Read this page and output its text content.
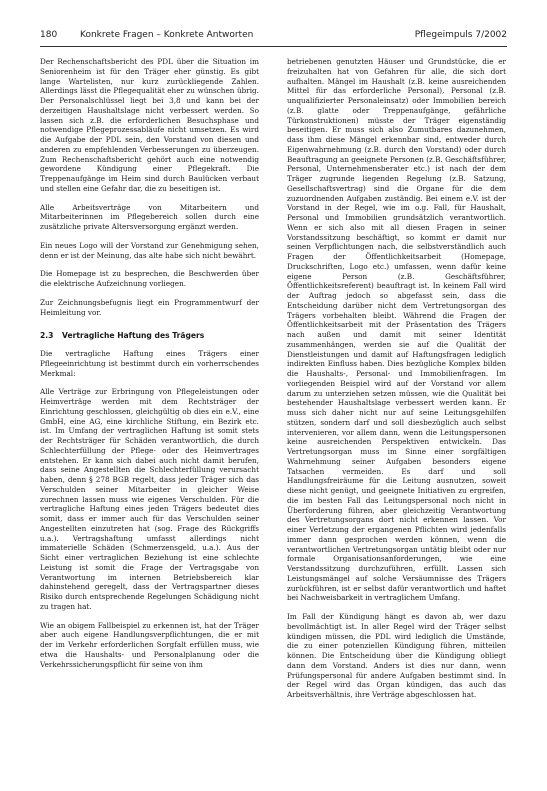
180	Konkrete Fragen – Konkrete Antworten	Pflegeimpuls 7/2002

Der Rechenschaftsbericht des PDL über die Situation im Seniorenheim ist für den Träger eher günstig. Es gibt lange Wartelisten, nur kurz zurückliegende Zahlen. Allerdings lässt die Pflegequalität eher zu wünschen übrig. Der Personalschlüssel liegt bei 3,8 und kann bei der derzeitigen Haushaltslage nicht verbessert werden. So lassen sich z.B. die erforderlichen Besuchsphase und notwendige Pflegeprozessabläufe nicht umsetzen. Es wird die Aufgabe der PDL sein, den Vorstand von diesen und anderen zu empfehlenden Verbesserungen zu überzeugen. Zum Rechenschaftsbericht gehört auch eine notwendig gewordene Kündigung einer Pflegekraft. Die Treppenaufgänge im Heim sind durch Baulücken verbaut und stellen eine Gefahr dar, die zu beseitigen ist.

Alle Arbeitsverträge von Mitarbeitern und Mitarbeiterinnen im Pflegebereich sollen durch eine zusätzliche private Altersversorgung ergänzt werden.

Ein neues Logo will der Vorstand zur Genehmigung sehen, denn er ist der Meinung, das alte habe sich nicht bewährt.

Die Homepage ist zu besprechen, die Beschwerden über die elektrische Aufzeichnung vorliegen.

Zur Zeichnungsbefugnis liegt ein Programmentwurf der Heimleitung vor.

2.3 Vertragliche Haftung des Trägers

Die vertragliche Haftung eines Trägers einer Pflegeeinrichtung ist bestimmt durch ein vorherrschendes Merkmal:

Alle Verträge zur Erbringung von Pflegeleistungen oder Heimverträge werden mit dem Rechtsträger der Einrichtung geschlossen, gleichgültig ob dies ein e.V., eine GmbH, eine AG, eine kirchliche Stiftung, ein Bezirk etc. ist. Im Umfang der vertraglichen Haftung ist somit stets der Rechtsträger für Schäden verantwortlich, die durch Schlechterfüllung der Pflege- oder des Heimvertrages entstehen. Er kann sich dabei auch nicht damit berufen, dass seine Angestellten die Schlechterfüllung verursacht haben, denn § 278 BGB regelt, dass jeder Träger sich das Verschulden seiner Mitarbeiter in gleicher Weise zurechnen lassen muss wie eigenes Verschulden. Für die vertragliche Haftung eines jeden Trägers bedeutet dies somit, dass er immer auch für das Verschulden seiner Angestellten einzutreten hat (sog. Frage des Rückgriffs u.a.). Vertragshaftung umfasst allerdings nicht immaterielle Schäden (Schmerzensgeld, u.a.). Aus der Sicht einer vertraglichen Beziehung ist eine schlechte Leistung ist somit die Frage der Vertragsgabe von Verantwortung im internen Betriebsbereich klar dahinstehend geregelt, dass der Vertragspartner dieses Risiko durch entsprechende Regelungen Schädigung nicht zu tragen hat.

Wie an obigem Fallbeispiel zu erkennen ist, hat der Träger aber auch eigene Handlungsverpflichtungen, die er mit der im Verkehr erforderlichen Sorgfalt erfüllen muss, wie etwa die Haushalts- und Personalplanung oder die Verkehrssicherungspflicht für seine von ihm

betriebenen genutzten Häuser und Grundstücke, die er freizuhalten hat von Gefahren für alle, die sich dort aufhalten. Mängel im Haushalt (z.B. keine ausreichenden Mittel für das erforderliche Personal), Personal (z.B. unqualifizierter Personaleinsatz) oder Immobilien bereich (z.B. glatte oder Treppenaufgänge, gefährliche Türkonstruktionen) müsste der Träger eigenständig beseitigen. Er muss sich also Zumutbares dazunehmen, dass ihm diese Mängel erkennbar sind, entweder durch Eigenwahrnehmung (z.B. durch den Vorstand) oder durch Beauftragung an geeignete Personen (z.B. Geschäftsführer, Personal, Unternehmensberater etc.) ist nach der dem Träger zugrunde liegenden Regelung (z.B. Satzung, Gesellschaftsvertrag) sind die Organe für die dem zuzuordnenden Aufgaben zuständig. Bei einem e.V. ist der Vorstand in der Regel, wie im o.g. Fall, für Haushalt, Personal und Immobilien grundsätzlich verantwortlich. Wenn er sich also mit all diesen Fragen in seiner Vorstandssitzung beschäftigt, so kommt er damit nur seinen Verpflichtungen nach, die selbstverständlich auch Fragen der Öffentlichkeitsarbeit (Homepage, Druckschriften, Logo etc.) umfassen, wenn dafür keine eigene Person (z.B. Geschäftsführer, Öffentlichkeitsreferent) beauftragt ist. In keinem Fall wird der Auftrag jedoch so abgefasst sein, dass die Entscheidung darüber nicht dem Vertretungsorgan des Trägers vorbehalten bleibt. Während die Fragen der Öffentlichkeitsarbeit mit der Präsentation des Trägers nach außen und damit mit seiner Identität zusammenhängen, werden sie auf die Qualität der Dienstleistungen und damit auf Haftungsfragen lediglich indirekten Einfluss haben. Dies bezügliche Komplex bilden die Haushalts-, Personal- und Immobilienfragen. Im vorliegenden Beispiel wird auf der Vorstand vor allem darum zu unterziehen setzen müssen, wie die Qualität bei bestehender Haushaltslage verbessert werden kann. Er muss sich daher nicht nur auf seine Leitungsgehilfen stützen, sondern darf und soll diesbezüglich auch selbst intervenieren, vor allem dann, wenn die Leitungspersonen keine ausreichenden Perspektiven entwickeln. Das Vertretungsorgan muss im Sinne einer sorgfältigen Wahrnehmung seiner Aufgaben besonders eigene Tatsachen vermeiden. Es darf und soll Handlungsfreiräume für die Leitung ausnutzen, soweit diese nicht genügt, und geeignete Initiativen zu ergreifen, die im besten Fall das Leitungspersonal noch nicht in Überforderung führen, aber gleichzeitig Verantwortung des Vertretungsorgans dort nicht erkennen lassen. Vor einer Verletzung der ergangenen Pflichten wird jedenfalls immer dann gesprochen werden können, wenn die verantwortlichen Vertretungsorgan untätig bleibt oder nur formale Organisationsanforderungen, wie eine Verstandssitzung durchzuführen, erfüllt. Lassen sich Leistungsmängel auf solche Versäumnisse des Trägers zurückführen, ist er selbst dafür verantwortlich und haftet bei Nachweisbarkeit in vertraglichem Umfang.

Im Fall der Kündigung hängt es davon ab, wer dazu bevollmächtigt ist. In aller Regel wird der Träger selbst kündigen müssen, die PDL wird lediglich die Umstände, die zu einer potenziellen Kündigung führen, mitteilen können. Die Entscheidung über die Kündigung obliegt dann dem Vorstand. Anders ist dies nur dann, wenn Prüfungspersonal für andere Aufgaben bestimmt sind. In der Regel wird das Organ kündigen, das auch das Arbeitsverhältnis, ihre Verträge abgeschlossen hat.
